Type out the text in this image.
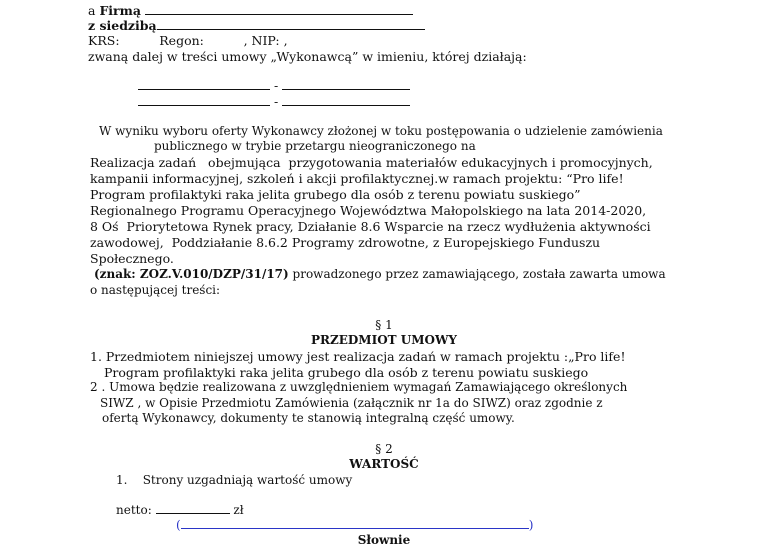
a Firmą
z siedzibą
KRS:          Regon:          , NIP: ,
zwaną dalej w treści umowy „Wykonawcą” w imieniu, której działają:
-
-
W wyniku wyboru oferty Wykonawcy złożonej w toku postępowania o udzielenie zamówienia
publicznego w trybie przetargu nieograniczonego na
Realizacja zadań   obejmująca  przygotowania materiałów edukacyjnych i promocyjnych,
kampanii informacyjnej, szkoleń i akcji profilaktycznej.w ramach projektu: “Pro life!
Program profilaktyki raka jelita grubego dla osób z terenu powiatu suskiego”
Regionalnego Programu Operacyjnego Województwa Małopolskiego na lata 2014-2020,
8 Oś  Priorytetowa Rynek pracy, Działanie 8.6 Wsparcie na rzecz wydłużenia aktywności
zawodowej,  Poddziałanie 8.6.2 Programy zdrowotne, z Europejskiego Funduszu
Społecznego.
(znak: ZOZ.V.010/DZP/31/17) prowadzonego przez zamawiającego, została zawarta umowa
o następującej treści:
§ 1
PRZEDMIOT UMOWY
1. Przedmiotem niniejszej umowy jest realizacja zadań w ramach projektu :„Pro life!
Program profilaktyki raka jelita grubego dla osób z terenu powiatu suskiego
2 . Umowa będzie realizowana z uwzględnieniem wymagań Zamawiającego określonych
SIWZ , w Opisie Przedmiotu Zamówienia (załącznik nr 1a do SIWZ) oraz zgodnie z
ofertą Wykonawcy, dokumenty te stanowią integralną część umowy.
§ 2
WARTOŚĆ
1.    Strony uzgadniają wartość umowy
netto:	zł
(	)
Słownie
